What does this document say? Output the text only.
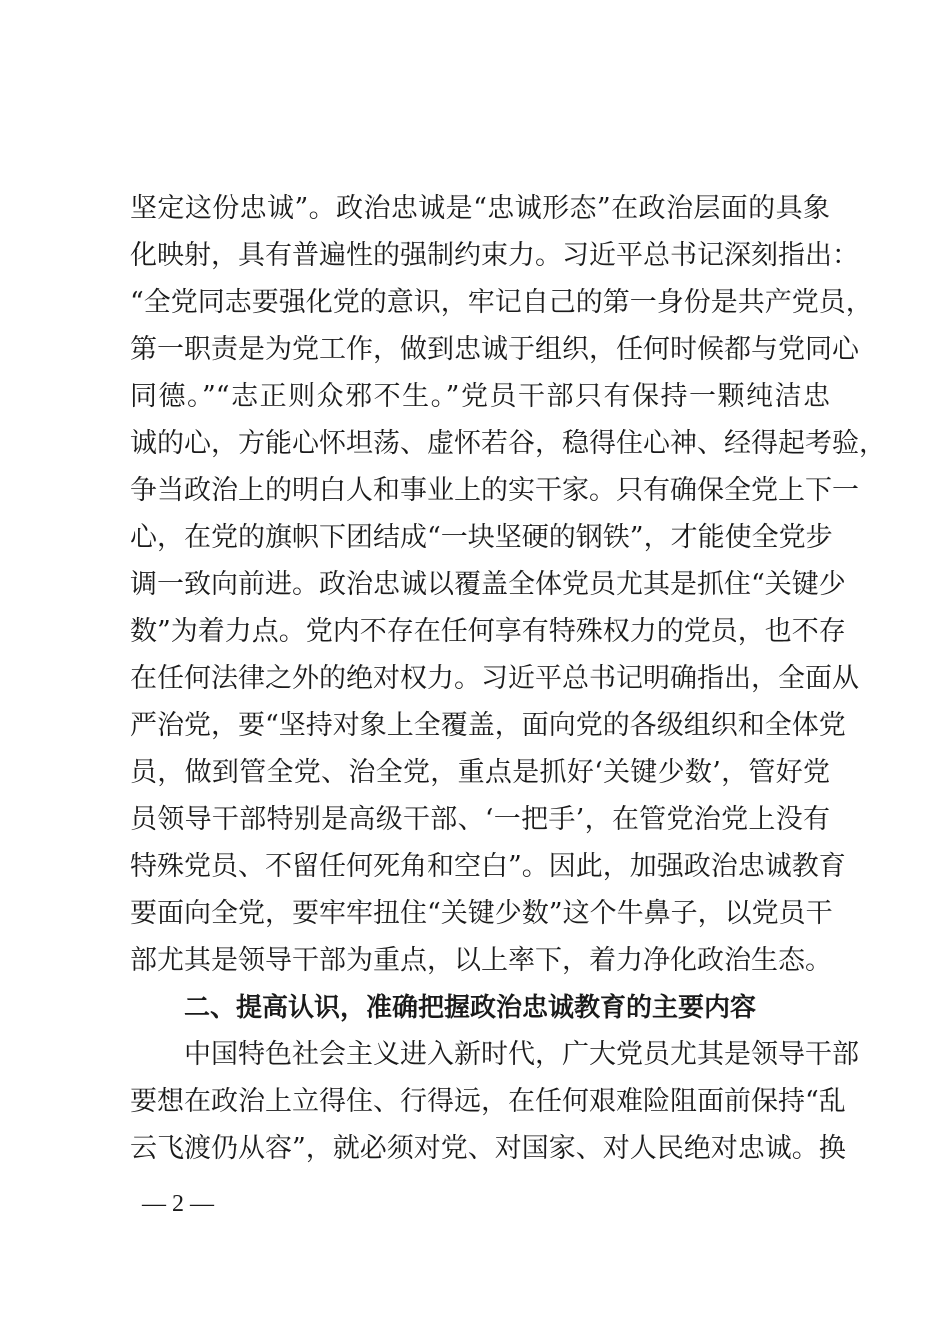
坚定这份忠诚”。政治忠诚是“忠诚形态”在政治层面的具象
化映射，具有普遍性的强制约束力。习近平总书记深刻指出：
“全党同志要强化党的意识，牢记自己的第一身份是共产党员，
第一职责是为党工作，做到忠诚于组织，任何时候都与党同心
同德。”“志正则众邪不生。”党员干部只有保持一颗纯洁忠
诚的心，方能心怀坦荡、虚怀若谷，稳得住心神、经得起考验，
争当政治上的明白人和事业上的实干家。只有确保全党上下一
心，在党的旗帜下团结成“一块坚硬的钢铁”，才能使全党步
调一致向前进。政治忠诚以覆盖全体党员尤其是抓住“关键少
数”为着力点。党内不存在任何享有特殊权力的党员，也不存
在任何法律之外的绝对权力。习近平总书记明确指出，全面从
严治党，要“坚持对象上全覆盖，面向党的各级组织和全体党
员，做到管全党、治全党，重点是抓好‘关键少数’，管好党
员领导干部特别是高级干部、‘一把手’，在管党治党上没有
特殊党员、不留任何死角和空白”。因此，加强政治忠诚教育
要面向全党，要牢牢扭住“关键少数”这个牛鼻子，以党员干
部尤其是领导干部为重点，以上率下，着力净化政治生态。
二、提高认识，准确把握政治忠诚教育的主要内容
中国特色社会主义进入新时代，广大党员尤其是领导干部
要想在政治上立得住、行得远，在任何艰难险阻面前保持“乱
云飞渡仍从容”，就必须对党、对国家、对人民绝对忠诚。换
— 2 —
